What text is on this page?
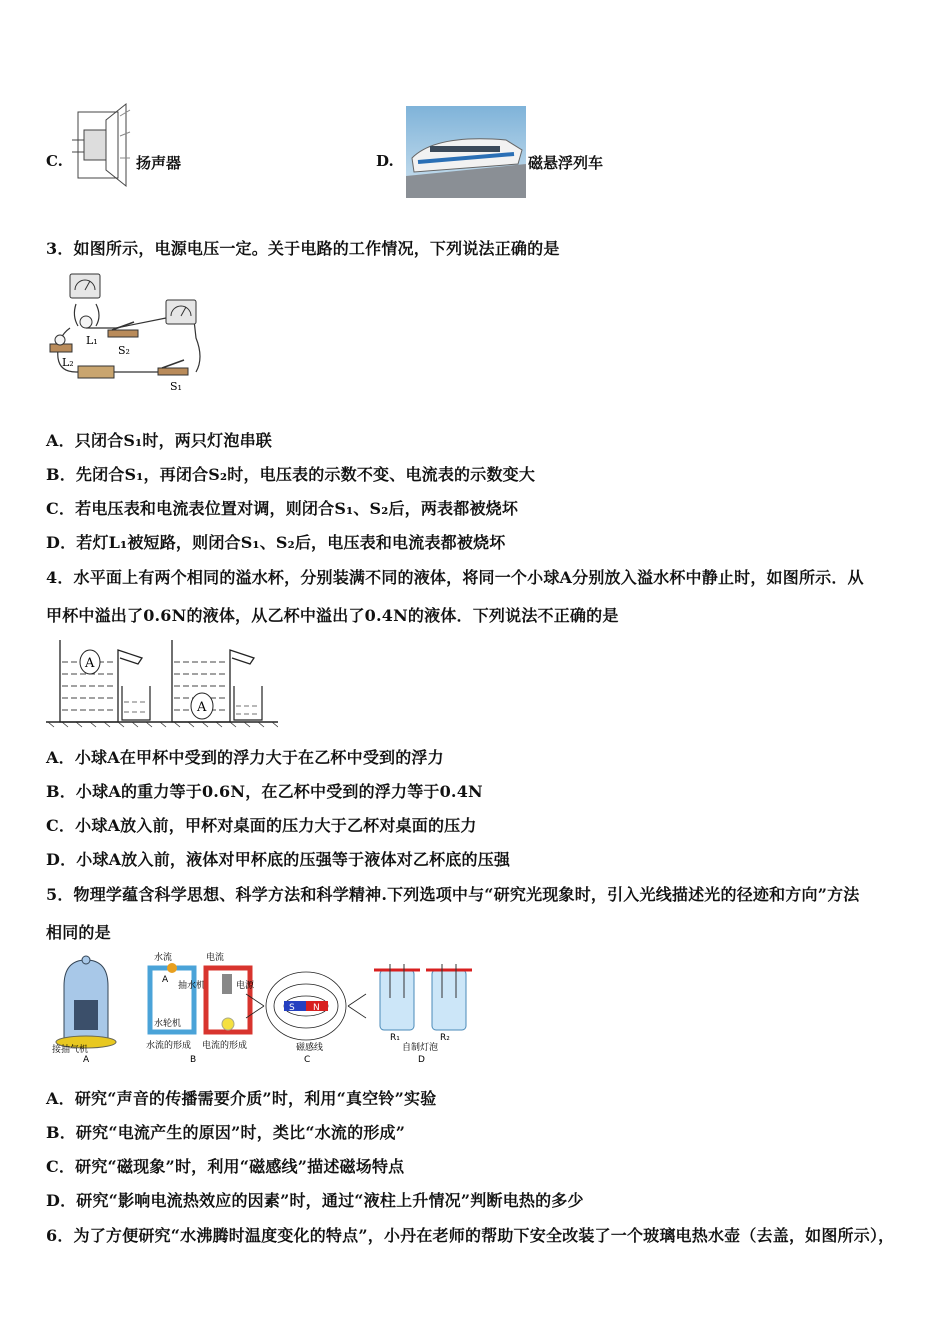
C.	扬声器	D.	磁悬浮列车
3．如图所示，电源电压一定。关于电路的工作情况，下列说法正确的是
L₁
L₂
S₂
S₁
A．只闭合S₁时，两只灯泡串联
B．先闭合S₁，再闭合S₂时，电压表的示数不变、电流表的示数变大
C．若电压表和电流表位置对调，则闭合S₁、S₂后，两表都被烧坏
D．若灯L₁被短路，则闭合S₁、S₂后，电压表和电流表都被烧坏
4．水平面上有两个相同的溢水杯，分别装满不同的液体，将同一个小球A分别放入溢水杯中静止时，如图所示．从
甲杯中溢出了0.6N的液体，从乙杯中溢出了0.4N的液体．下列说法不正确的是
A
A
A．小球A在甲杯中受到的浮力大于在乙杯中受到的浮力
B．小球A的重力等于0.6N，在乙杯中受到的浮力等于0.4N
C．小球A放入前，甲杯对桌面的压力大于乙杯对桌面的压力
D．小球A放入前，液体对甲杯底的压强等于液体对乙杯底的压强
5．物理学蕴含科学思想、科学方法和科学精神.下列选项中与“研究光现象时，引入光线描述光的径迹和方向”方法
相同的是
接抽气机
A
水流	电流
A
抽水机
水轮机
电源
水流的形成 电流的形成
B
S N
磁感线
C
R₁	R₂
自制灯泡
D
A．研究“声音的传播需要介质”时，利用“真空铃”实验
B．研究“电流产生的原因”时，类比“水流的形成”
C．研究“磁现象”时，利用“磁感线”描述磁场特点
D．研究“影响电流热效应的因素”时，通过“液柱上升情况”判断电热的多少
6．为了方便研究“水沸腾时温度变化的特点”，小丹在老师的帮助下安全改装了一个玻璃电热水壶（去盖，如图所示），
